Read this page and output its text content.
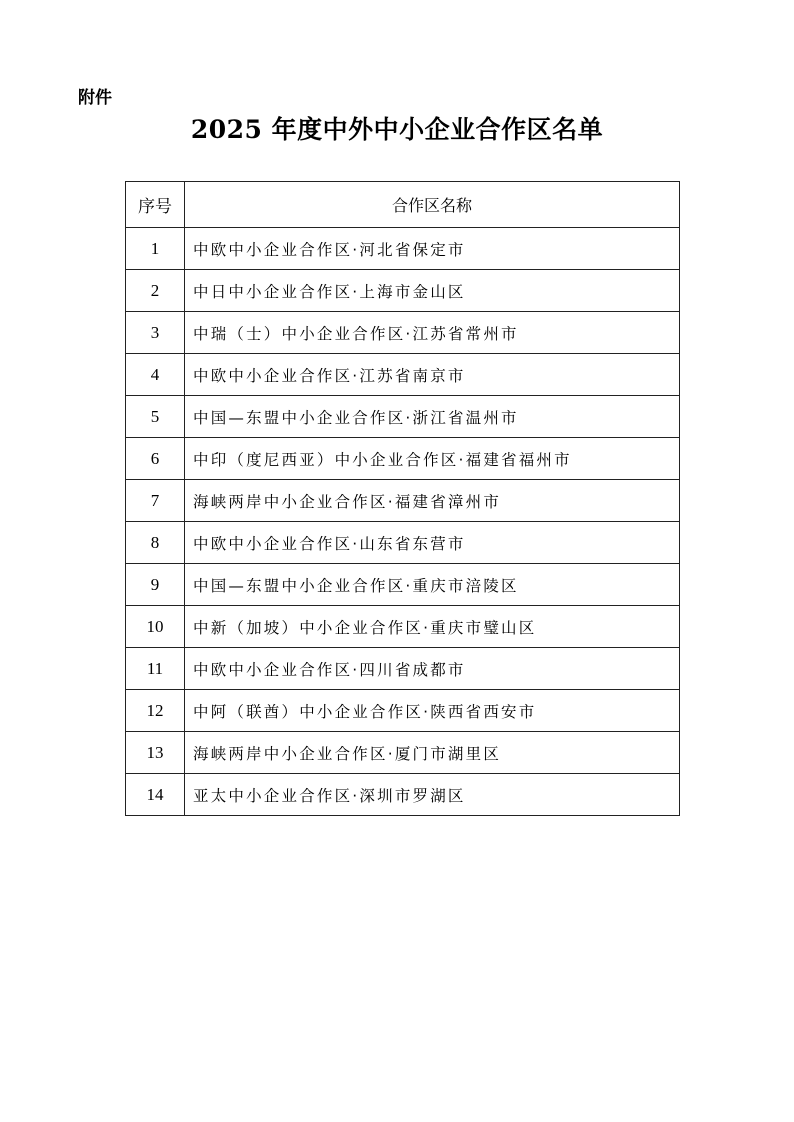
附件
2025 年度中外中小企业合作区名单
序号	合作区名称
1	中欧中小企业合作区·河北省保定市
2	中日中小企业合作区·上海市金山区
3	中瑞（士）中小企业合作区·江苏省常州市
4	中欧中小企业合作区·江苏省南京市
5	中国—东盟中小企业合作区·浙江省温州市
6	中印（度尼西亚）中小企业合作区·福建省福州市
7	海峡两岸中小企业合作区·福建省漳州市
8	中欧中小企业合作区·山东省东营市
9	中国—东盟中小企业合作区·重庆市涪陵区
10	中新（加坡）中小企业合作区·重庆市璧山区
11	中欧中小企业合作区·四川省成都市
12	中阿（联酋）中小企业合作区·陕西省西安市
13	海峡两岸中小企业合作区·厦门市湖里区
14	亚太中小企业合作区·深圳市罗湖区
